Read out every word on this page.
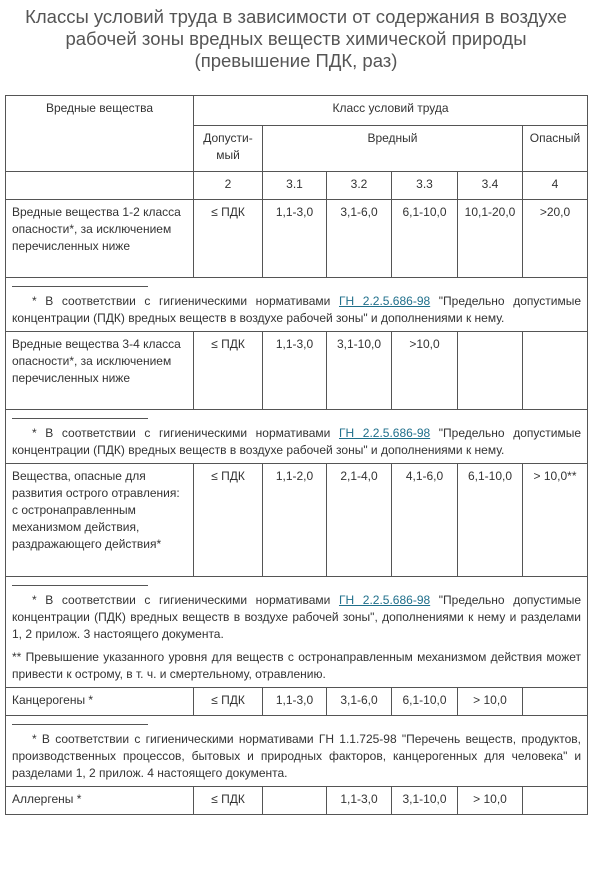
Классы условий труда в зависимости от содержания в воздухе
рабочей зоны вредных веществ химической природы
(превышение ПДК, раз)
Вредные вещества	Класс условий труда					
	Допусти-мый	Вредный				Опасный
	2	3.1	3.2	3.3	3.4	4
Вредные вещества 1-2 класса опасности*, за исключением перечисленных ниже	≤ ПДК	1,1-3,0	3,1-6,0	6,1-10,0	10,1-20,0	>20,0

* В соответствии с гигиеническими нормативами ГН 2.2.5.686-98 "Предельно допустимые концентрации (ПДК) вредных веществ в воздухе рабочей зоны" и дополнениями к нему.						

Вредные вещества 3-4 класса опасности*, за исключением перечисленных ниже	≤ ПДК	1,1-3,0	3,1-10,0	>10,0		

* В соответствии с гигиеническими нормативами ГН 2.2.5.686-98 "Предельно допустимые концентрации (ПДК) вредных веществ в воздухе рабочей зоны" и дополнениями к нему.						

Вещества, опасные для развития острого отравления: с остронаправленным механизмом действия, раздражающего действия*	≤ ПДК	1,1-2,0	2,1-4,0	4,1-6,0	6,1-10,0	> 10,0**

* В соответствии с гигиеническими нормативами ГН 2.2.5.686-98 "Предельно допустимые концентрации (ПДК) вредных веществ в воздухе рабочей зоны", дополнениями к нему и разделами 1, 2 прилож. 3 настоящего документа.

** Превышение указанного уровня для веществ с остронаправленным механизмом действия может привести к острому, в т. ч. и смертельному, отравлению.						

Канцерогены *	≤ ПДК	1,1-3,0	3,1-6,0	6,1-10,0	> 10,0	

* В соответствии с гигиеническими нормативами ГН 1.1.725-98 "Перечень веществ, продуктов, производственных процессов, бытовых и природных факторов, канцерогенных для человека" и разделами 1, 2 прилож. 4 настоящего документа.						

Аллергены *	≤ ПДК		1,1-3,0	3,1-10,0	> 10,0	
